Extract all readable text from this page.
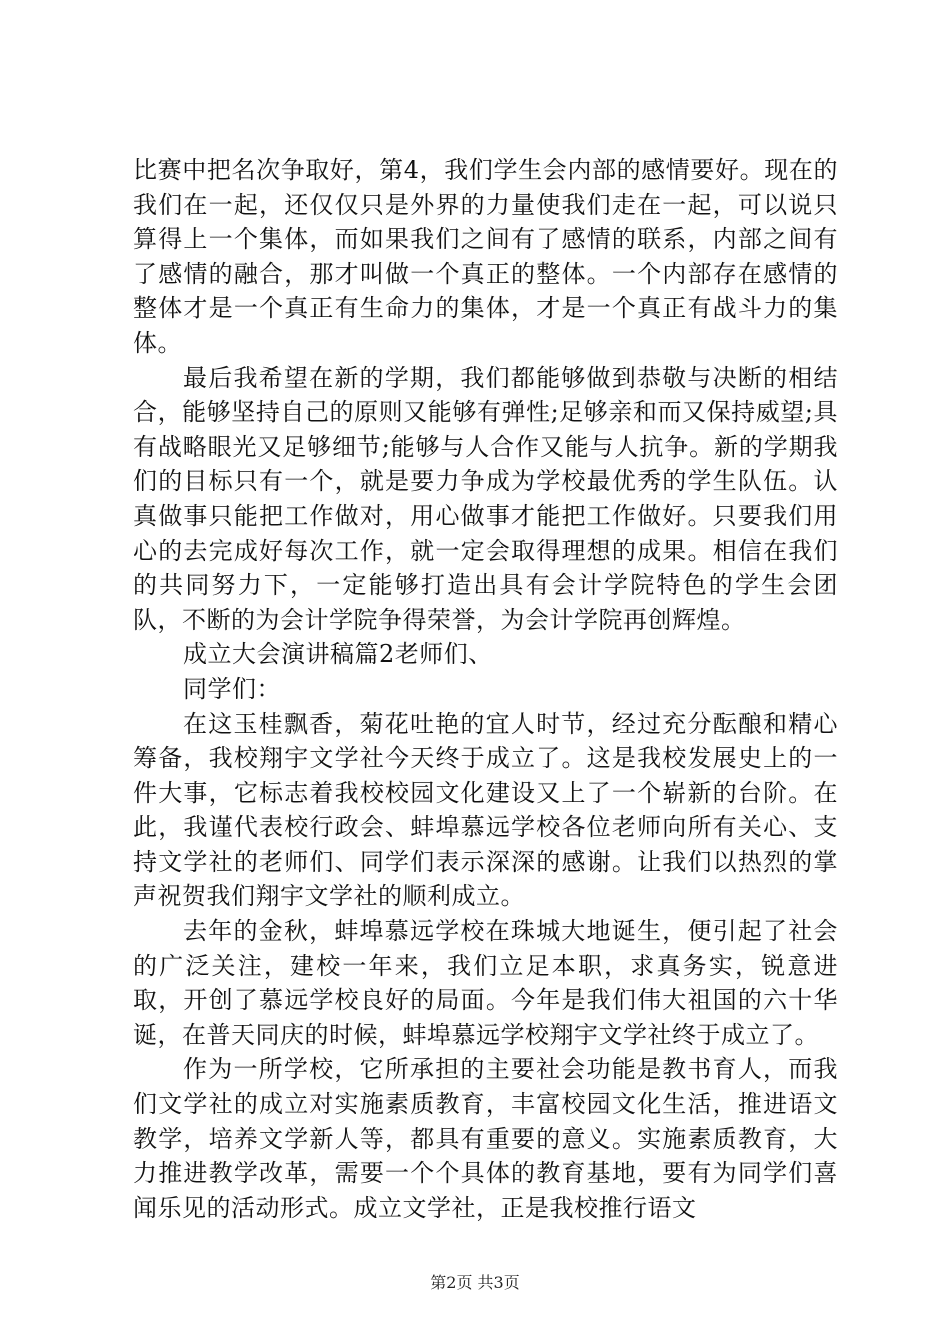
比赛中把名次争取好，第4，我们学生会内部的感情要好。现在的我们在一起，还仅仅只是外界的力量使我们走在一起，可以说只算得上一个集体，而如果我们之间有了感情的联系，内部之间有了感情的融合，那才叫做一个真正的整体。一个内部存在感情的整体才是一个真正有生命力的集体，才是一个真正有战斗力的集体。

最后我希望在新的学期，我们都能够做到恭敬与决断的相结合，能够坚持自己的原则又能够有弹性;足够亲和而又保持威望;具有战略眼光又足够细节;能够与人合作又能与人抗争。新的学期我们的目标只有一个，就是要力争成为学校最优秀的学生队伍。认真做事只能把工作做对，用心做事才能把工作做好。只要我们用心的去完成好每次工作，就一定会取得理想的成果。相信在我们的共同努力下，一定能够打造出具有会计学院特色的学生会团队，不断的为会计学院争得荣誉，为会计学院再创辉煌。

成立大会演讲稿篇2老师们、

同学们：

在这玉桂飘香，菊花吐艳的宜人时节，经过充分酝酿和精心筹备，我校翔宇文学社今天终于成立了。这是我校发展史上的一件大事，它标志着我校校园文化建设又上了一个崭新的台阶。在此，我谨代表校行政会、蚌埠慕远学校各位老师向所有关心、支持文学社的老师们、同学们表示深深的感谢。让我们以热烈的掌声祝贺我们翔宇文学社的顺利成立。

去年的金秋，蚌埠慕远学校在珠城大地诞生，便引起了社会的广泛关注，建校一年来，我们立足本职，求真务实，锐意进取，开创了慕远学校良好的局面。今年是我们伟大祖国的六十华诞，在普天同庆的时候，蚌埠慕远学校翔宇文学社终于成立了。

作为一所学校，它所承担的主要社会功能是教书育人，而我们文学社的成立对实施素质教育，丰富校园文化生活，推进语文教学，培养文学新人等，都具有重要的意义。实施素质教育，大力推进教学改革，需要一个个具体的教育基地，要有为同学们喜闻乐见的活动形式。成立文学社，正是我校推行语文

第2页 共3页
